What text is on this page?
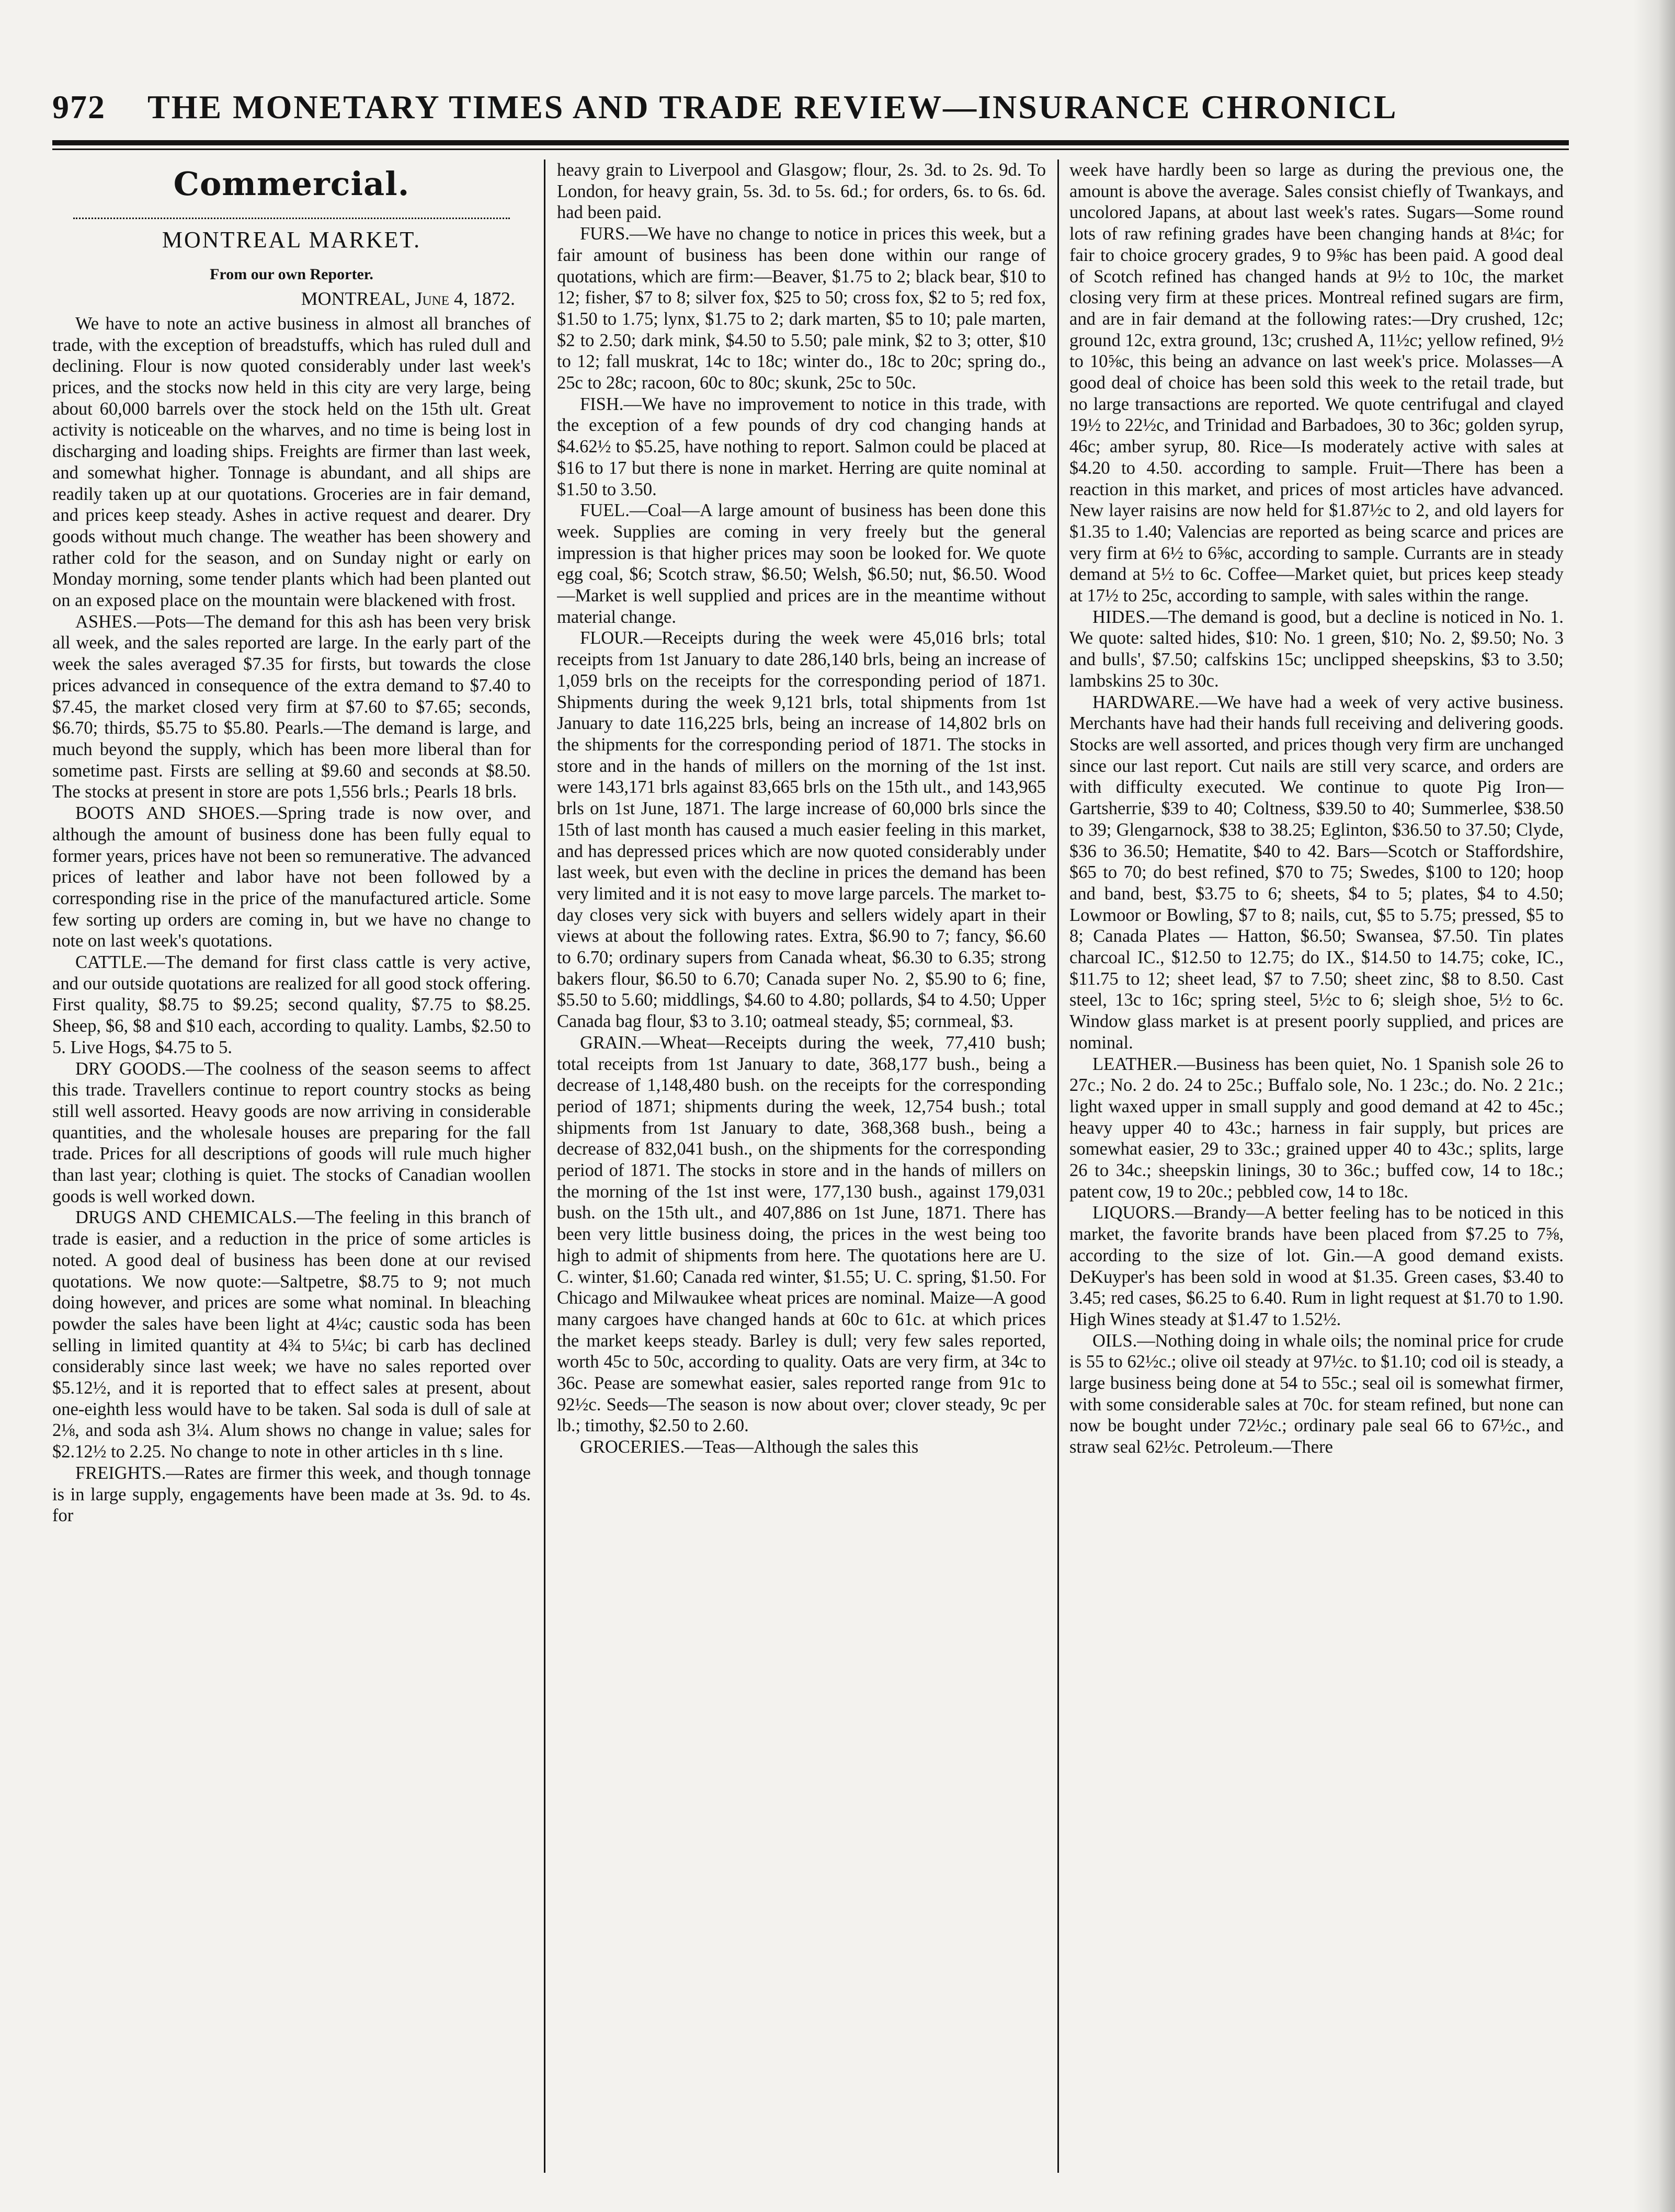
972 THE MONETARY TIMES AND TRADE REVIEW—INSURANCE CHRONICL
Commercial.
MONTREAL MARKET.
From our own Reporter.
MONTREAL, June 4, 1872.

We have to note an active business in almost all branches of trade, with the exception of breadstuffs, which has ruled dull and declining. Flour is now quoted considerably under last week's prices, and the stocks now held in this city are very large, being about 60,000 barrels over the stock held on the 15th ult. Great activity is noticeable on the wharves, and no time is being lost in discharging and loading ships. Freights are firmer than last week, and somewhat higher. Tonnage is abundant, and all ships are readily taken up at our quotations. Groceries are in fair demand, and prices keep steady. Ashes in active request and dearer. Dry goods without much change. The weather has been showery and rather cold for the season, and on Sunday night or early on Monday morning, some tender plants which had been planted out on an exposed place on the mountain were blackened with frost.

ASHES.—Pots—The demand for this ash has been very brisk all week, and the sales reported are large. In the early part of the week the sales averaged $7.35 for firsts, but towards the close prices advanced in consequence of the extra demand to $7.40 to $7.45, the market closed very firm at $7.60 to $7.65; seconds, $6.70; thirds, $5.75 to $5.80. Pearls.—The demand is large, and much beyond the supply, which has been more liberal than for sometime past. Firsts are selling at $9.60 and seconds at $8.50. The stocks at present in store are pots 1,556 brls.; Pearls 18 brls.

BOOTS AND SHOES.—Spring trade is now over, and although the amount of business done has been fully equal to former years, prices have not been so remunerative. The advanced prices of leather and labor have not been followed by a corresponding rise in the price of the manufactured article. Some few sorting up orders are coming in, but we have no change to note on last week's quotations.

CATTLE.—The demand for first class cattle is very active, and our outside quotations are realized for all good stock offering. First quality, $8.75 to $9.25; second quality, $7.75 to $8.25. Sheep, $6, $8 and $10 each, according to quality. Lambs, $2.50 to 5. Live Hogs, $4.75 to 5.

DRY GOODS.—The coolness of the season seems to affect this trade. Travellers continue to report country stocks as being still well assorted. Heavy goods are now arriving in considerable quantities, and the wholesale houses are preparing for the fall trade. Prices for all descriptions of goods will rule much higher than last year; clothing is quiet. The stocks of Canadian woollen goods is well worked down.

DRUGS AND CHEMICALS.—The feeling in this branch of trade is easier, and a reduction in the price of some articles is noted. A good deal of business has been done at our revised quotations. We now quote:—Saltpetre, $8.75 to 9; not much doing however, and prices are some what nominal. In bleaching powder the sales have been light at 4¼c; caustic soda has been selling in limited quantity at 4¾ to 5¼c; bi carb has declined considerably since last week; we have no sales reported over $5.12½, and it is reported that to effect sales at present, about one-eighth less would have to be taken. Sal soda is dull of sale at 2⅛, and soda ash 3¼. Alum shows no change in value; sales for $2.12½ to 2.25. No change to note in other articles in th s line.

FREIGHTS.—Rates are firmer this week, and though tonnage is in large supply, engagements have been made at 3s. 9d. to 4s. for

heavy grain to Liverpool and Glasgow; flour, 2s. 3d. to 2s. 9d. To London, for heavy grain, 5s. 3d. to 5s. 6d.; for orders, 6s. to 6s. 6d. had been paid.

FURS.—We have no change to notice in prices this week, but a fair amount of business has been done within our range of quotations, which are firm:—Beaver, $1.75 to 2; black bear, $10 to 12; fisher, $7 to 8; silver fox, $25 to 50; cross fox, $2 to 5; red fox, $1.50 to 1.75; lynx, $1.75 to 2; dark marten, $5 to 10; pale marten, $2 to 2.50; dark mink, $4.50 to 5.50; pale mink, $2 to 3; otter, $10 to 12; fall muskrat, 14c to 18c; winter do., 18c to 20c; spring do., 25c to 28c; racoon, 60c to 80c; skunk, 25c to 50c.

FISH.—We have no improvement to notice in this trade, with the exception of a few pounds of dry cod changing hands at $4.62½ to $5.25, have nothing to report. Salmon could be placed at $16 to 17 but there is none in market. Herring are quite nominal at $1.50 to 3.50.

FUEL.—Coal—A large amount of business has been done this week. Supplies are coming in very freely but the general impression is that higher prices may soon be looked for. We quote egg coal, $6; Scotch straw, $6.50; Welsh, $6.50; nut, $6.50. Wood—Market is well supplied and prices are in the meantime without material change.

FLOUR.—Receipts during the week were 45,016 brls; total receipts from 1st January to date 286,140 brls, being an increase of 1,059 brls on the receipts for the corresponding period of 1871. Shipments during the week 9,121 brls, total shipments from 1st January to date 116,225 brls, being an increase of 14,802 brls on the shipments for the corresponding period of 1871. The stocks in store and in the hands of millers on the morning of the 1st inst. were 143,171 brls against 83,665 brls on the 15th ult., and 143,965 brls on 1st June, 1871. The large increase of 60,000 brls since the 15th of last month has caused a much easier feeling in this market, and has depressed prices which are now quoted considerably under last week, but even with the decline in prices the demand has been very limited and it is not easy to move large parcels. The market to-day closes very sick with buyers and sellers widely apart in their views at about the following rates. Extra, $6.90 to 7; fancy, $6.60 to 6.70; ordinary supers from Canada wheat, $6.30 to 6.35; strong bakers flour, $6.50 to 6.70; Canada super No. 2, $5.90 to 6; fine, $5.50 to 5.60; middlings, $4.60 to 4.80; pollards, $4 to 4.50; Upper Canada bag flour, $3 to 3.10; oatmeal steady, $5; cornmeal, $3.

GRAIN.—Wheat—Receipts during the week, 77,410 bush; total receipts from 1st January to date, 368,177 bush., being a decrease of 1,148,480 bush. on the receipts for the corresponding period of 1871; shipments during the week, 12,754 bush.; total shipments from 1st January to date, 368,368 bush., being a decrease of 832,041 bush., on the shipments for the corresponding period of 1871. The stocks in store and in the hands of millers on the morning of the 1st inst were, 177,130 bush., against 179,031 bush. on the 15th ult., and 407,886 on 1st June, 1871. There has been very little business doing, the prices in the west being too high to admit of shipments from here. The quotations here are U. C. winter, $1.60; Canada red winter, $1.55; U. C. spring, $1.50. For Chicago and Milwaukee wheat prices are nominal. Maize—A good many cargoes have changed hands at 60c to 61c. at which prices the market keeps steady. Barley is dull; very few sales reported, worth 45c to 50c, according to quality. Oats are very firm, at 34c to 36c. Pease are somewhat easier, sales reported range from 91c to 92½c. Seeds—The season is now about over; clover steady, 9c per lb.; timothy, $2.50 to 2.60.

GROCERIES.—Teas—Although the sales this

week have hardly been so large as during the previous one, the amount is above the average. Sales consist chiefly of Twankays, and uncolored Japans, at about last week's rates. Sugars—Some round lots of raw refining grades have been changing hands at 8¼c; for fair to choice grocery grades, 9 to 9⅝c has been paid. A good deal of Scotch refined has changed hands at 9½ to 10c, the market closing very firm at these prices. Montreal refined sugars are firm, and are in fair demand at the following rates:—Dry crushed, 12c; ground 12c, extra ground, 13c; crushed A, 11½c; yellow refined, 9½ to 10⅝c, this being an advance on last week's price. Molasses—A good deal of choice has been sold this week to the retail trade, but no large transactions are reported. We quote centrifugal and clayed 19½ to 22½c, and Trinidad and Barbadoes, 30 to 36c; golden syrup, 46c; amber syrup, 80. Rice—Is moderately active with sales at $4.20 to 4.50. according to sample. Fruit—There has been a reaction in this market, and prices of most articles have advanced. New layer raisins are now held for $1.87½c to 2, and old layers for $1.35 to 1.40; Valencias are reported as being scarce and prices are very firm at 6½ to 6⅝c, according to sample. Currants are in steady demand at 5½ to 6c. Coffee—Market quiet, but prices keep steady at 17½ to 25c, according to sample, with sales within the range.

HIDES.—The demand is good, but a decline is noticed in No. 1. We quote: salted hides, $10: No. 1 green, $10; No. 2, $9.50; No. 3 and bulls', $7.50; calfskins 15c; unclipped sheepskins, $3 to 3.50; lambskins 25 to 30c.

HARDWARE.—We have had a week of very active business. Merchants have had their hands full receiving and delivering goods. Stocks are well assorted, and prices though very firm are unchanged since our last report. Cut nails are still very scarce, and orders are with difficulty executed. We continue to quote Pig Iron—Gartsherrie, $39 to 40; Coltness, $39.50 to 40; Summerlee, $38.50 to 39; Glengarnock, $38 to 38.25; Eglinton, $36.50 to 37.50; Clyde, $36 to 36.50; Hematite, $40 to 42. Bars—Scotch or Staffordshire, $65 to 70; do best refined, $70 to 75; Swedes, $100 to 120; hoop and band, best, $3.75 to 6; sheets, $4 to 5; plates, $4 to 4.50; Lowmoor or Bowling, $7 to 8; nails, cut, $5 to 5.75; pressed, $5 to 8; Canada Plates — Hatton, $6.50; Swansea, $7.50. Tin plates charcoal IC., $12.50 to 12.75; do IX., $14.50 to 14.75; coke, IC., $11.75 to 12; sheet lead, $7 to 7.50; sheet zinc, $8 to 8.50. Cast steel, 13c to 16c; spring steel, 5½c to 6; sleigh shoe, 5½ to 6c. Window glass market is at present poorly supplied, and prices are nominal.

LEATHER.—Business has been quiet, No. 1 Spanish sole 26 to 27c.; No. 2 do. 24 to 25c.; Buffalo sole, No. 1 23c.; do. No. 2 21c.; light waxed upper in small supply and good demand at 42 to 45c.; heavy upper 40 to 43c.; harness in fair supply, but prices are somewhat easier, 29 to 33c.; grained upper 40 to 43c.; splits, large 26 to 34c.; sheepskin linings, 30 to 36c.; buffed cow, 14 to 18c.; patent cow, 19 to 20c.; pebbled cow, 14 to 18c.

LIQUORS.—Brandy—A better feeling has to be noticed in this market, the favorite brands have been placed from $7.25 to 7⅝, according to the size of lot. Gin.—A good demand exists. DeKuyper's has been sold in wood at $1.35. Green cases, $3.40 to 3.45; red cases, $6.25 to 6.40. Rum in light request at $1.70 to 1.90. High Wines steady at $1.47 to 1.52½.

OILS.—Nothing doing in whale oils; the nominal price for crude is 55 to 62½c.; olive oil steady at 97½c. to $1.10; cod oil is steady, a large business being done at 54 to 55c.; seal oil is somewhat firmer, with some considerable sales at 70c. for steam refined, but none can now be bought under 72½c.; ordinary pale seal 66 to 67½c., and straw seal 62½c. Petroleum.—There
